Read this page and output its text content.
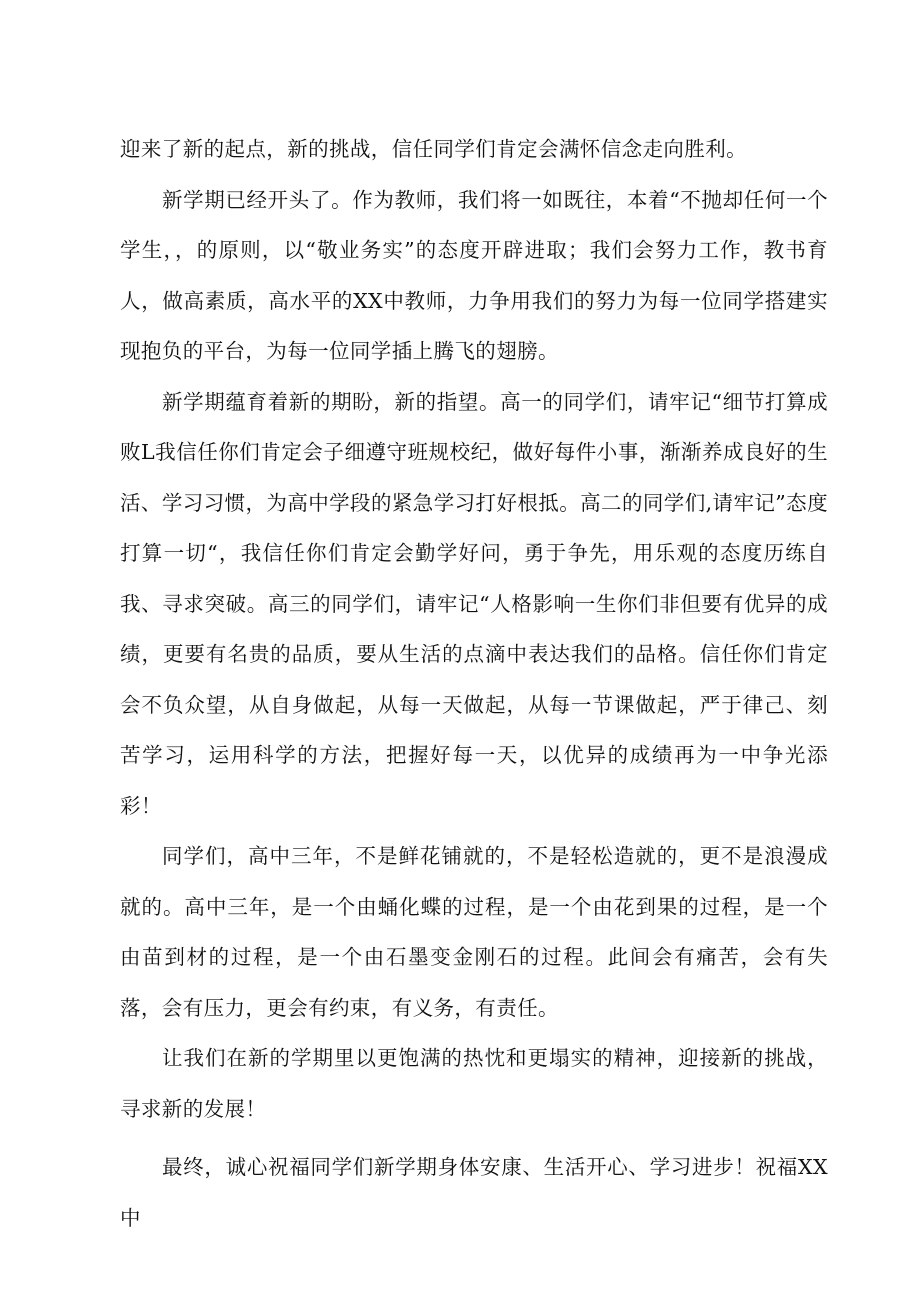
迎来了新的起点，新的挑战，信任同学们肯定会满怀信念走向胜利。

新学期已经开头了。作为教师，我们将一如既往，本着“不抛却任何一个学生，，的原则，以“敬业务实”的态度开辟进取；我们会努力工作，教书育人，做高素质，高水平的XX中教师，力争用我们的努力为每一位同学搭建实现抱负的平台，为每一位同学插上腾飞的翅膀。

新学期蕴育着新的期盼，新的指望。高一的同学们，请牢记“细节打算成败L我信任你们肯定会子细遵守班规校纪，做好每件小事，渐渐养成良好的生活、学习习惯，为高中学段的紧急学习打好根抵。高二的同学们,请牢记”态度打算一切“，我信任你们肯定会勤学好问，勇于争先，用乐观的态度历练自我、寻求突破。高三的同学们，请牢记“人格影响一生你们非但要有优异的成绩，更要有名贵的品质，要从生活的点滴中表达我们的品格。信任你们肯定会不负众望，从自身做起，从每一天做起，从每一节课做起，严于律己、刻苦学习，运用科学的方法，把握好每一天，以优异的成绩再为一中争光添彩！

同学们，高中三年，不是鲜花铺就的，不是轻松造就的，更不是浪漫成就的。高中三年，是一个由蛹化蝶的过程，是一个由花到果的过程，是一个由苗到材的过程，是一个由石墨变金刚石的过程。此间会有痛苦，会有失落，会有压力，更会有约束，有义务，有责任。

让我们在新的学期里以更饱满的热忱和更塌实的精神，迎接新的挑战，寻求新的发展！

最终，诚心祝福同学们新学期身体安康、生活开心、学习进步！祝福XX中
